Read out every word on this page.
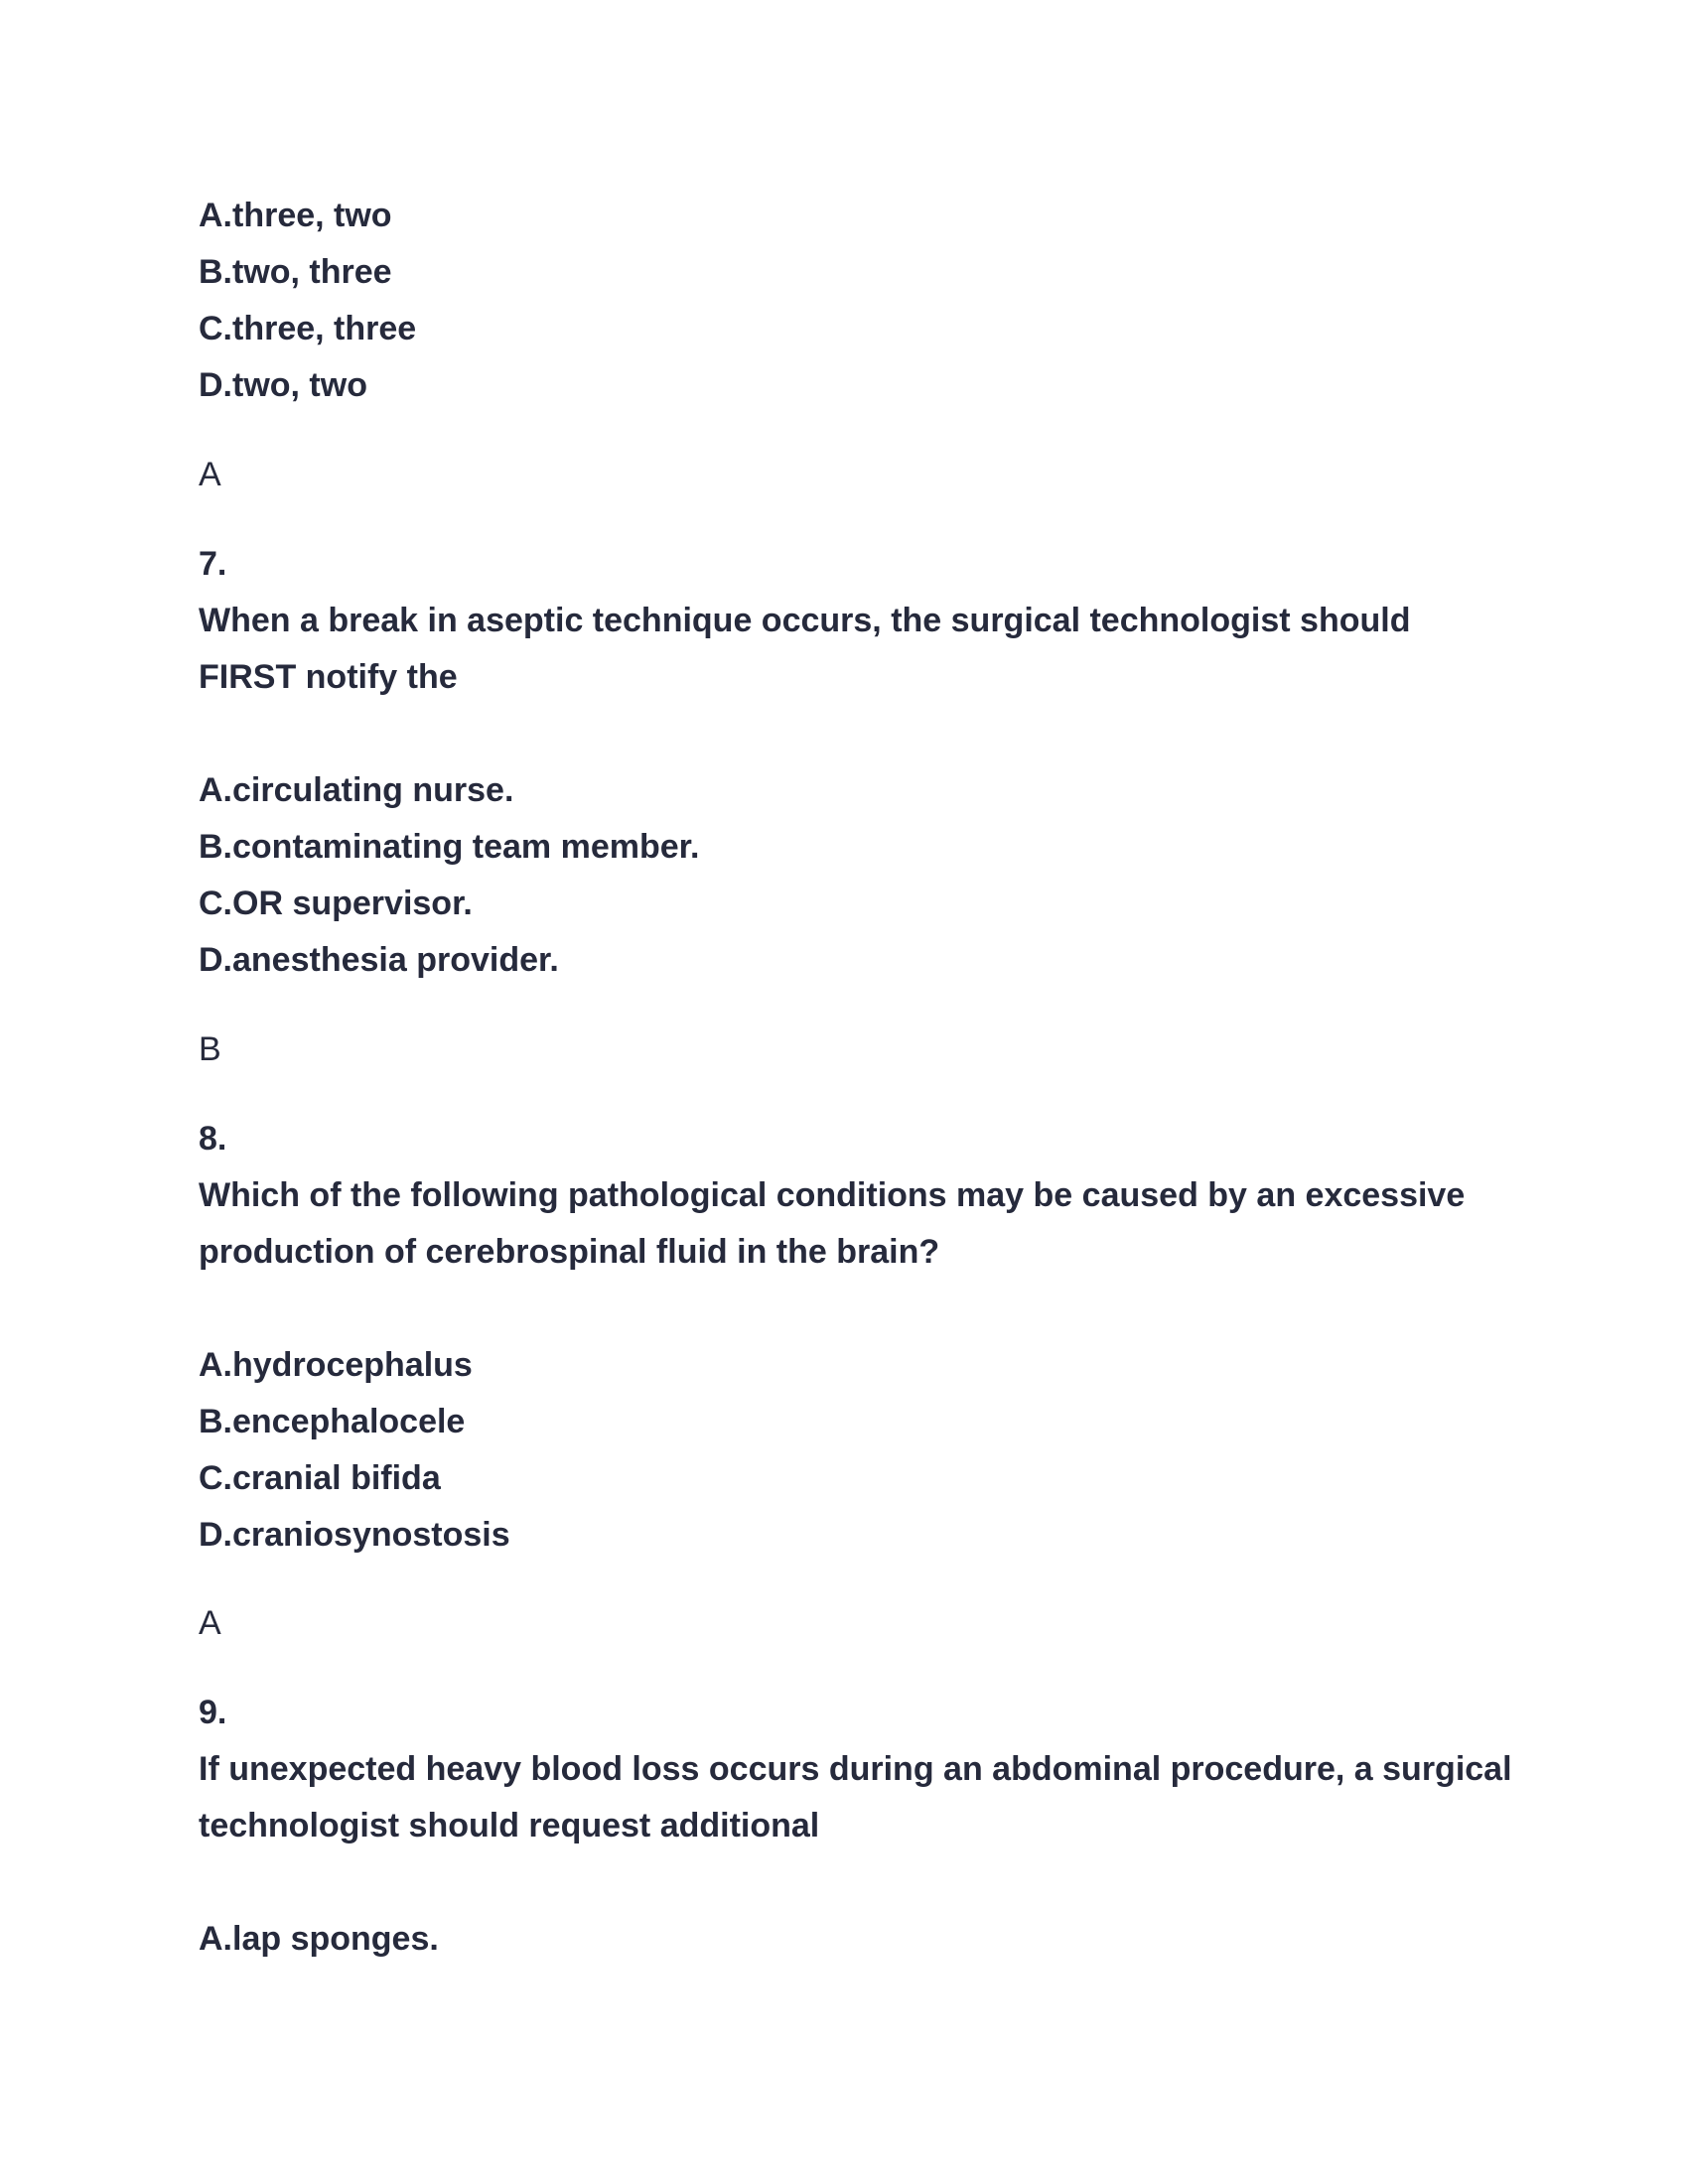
A.three, two
B.two, three
C.three, three
D.two, two
A
7.
When a break in aseptic technique occurs, the surgical technologist should
FIRST notify the
A.circulating nurse.
B.contaminating team member.
C.OR supervisor.
D.anesthesia provider.
B
8.
Which of the following pathological conditions may be caused by an excessive
production of cerebrospinal fluid in the brain?
A.hydrocephalus
B.encephalocele
C.cranial bifida
D.craniosynostosis
A
9.
If unexpected heavy blood loss occurs during an abdominal procedure, a surgical
technologist should request additional
A.lap sponges.
